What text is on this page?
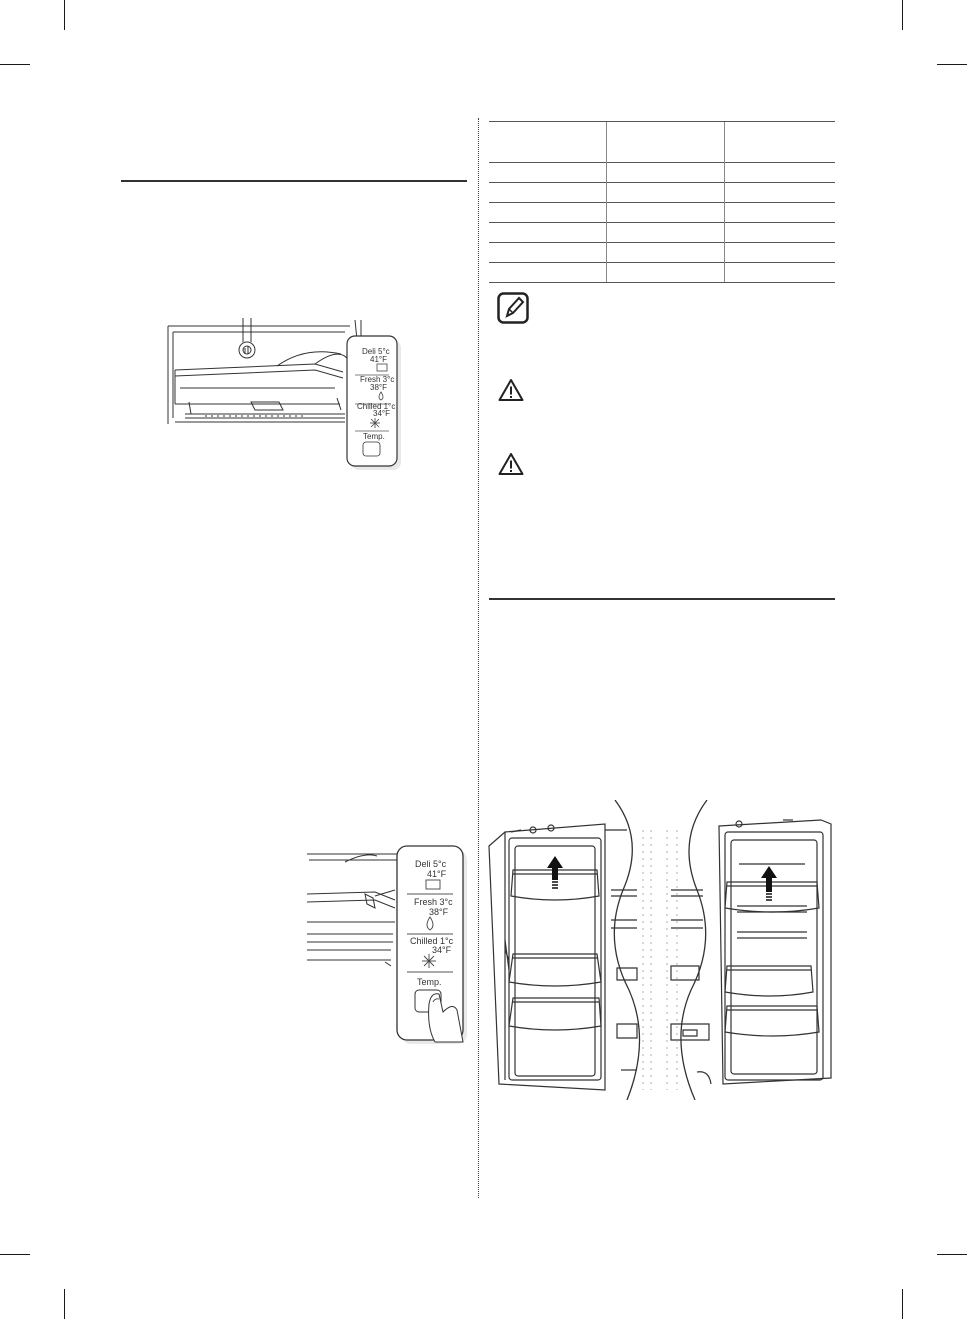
Deli 5°c
41°F
Fresh 3°c
38°F
Chilled 1°c
34°F
Temp.
Deli 5°c
41°F
Fresh 3°c
38°F
Chilled 1°c
34°F
Temp.
